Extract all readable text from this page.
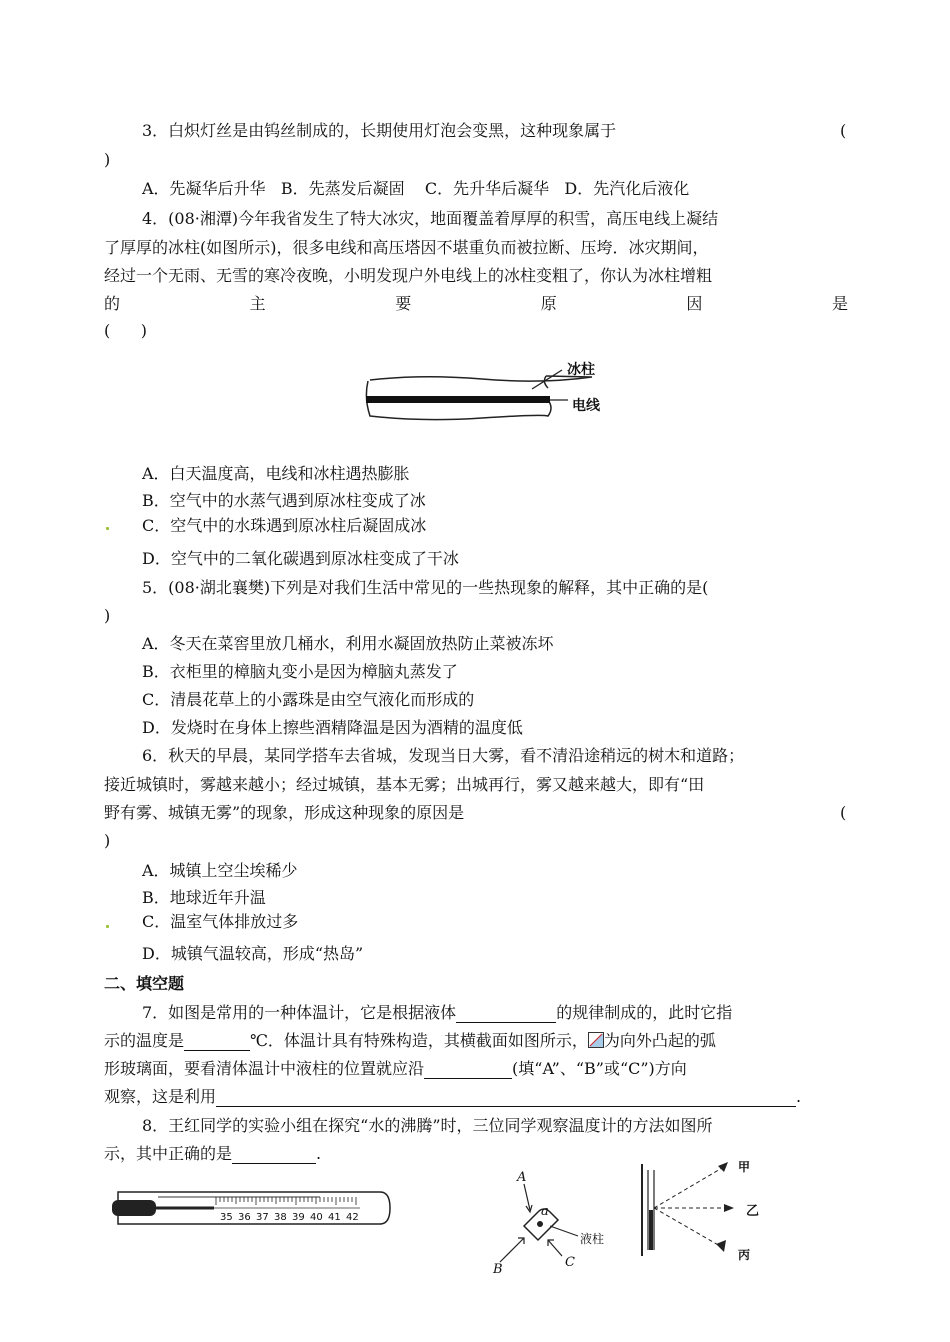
3．白炽灯丝是由钨丝制成的，长期使用灯泡会变黑，这种现象属于	(
)
A．先凝华后升华   B．先蒸发后凝固    C．先升华后凝华   D．先汽化后液化
4．(08·湘潭)今年我省发生了特大冰灾，地面覆盖着厚厚的积雪，高压电线上凝结
了厚厚的冰柱(如图所示)，很多电线和高压塔因不堪重负而被拉断、压垮．冰灾期间，
经过一个无雨、无雪的寒冷夜晚，小明发现户外电线上的冰柱变粗了，你认为冰柱增粗
的	主	要	原	因	是
(      )
冰柱
电线
A．白天温度高，电线和冰柱遇热膨胀
B．空气中的水蒸气遇到原冰柱变成了冰
C．空气中的水珠遇到原冰柱后凝固成冰
D．空气中的二氧化碳遇到原冰柱变成了干冰
5．(08·湖北襄樊)下列是对我们生活中常见的一些热现象的解释，其中正确的是(
)
A．冬天在菜窖里放几桶水，利用水凝固放热防止菜被冻坏
B．衣柜里的樟脑丸变小是因为樟脑丸蒸发了
C．清晨花草上的小露珠是由空气液化而形成的
D．发烧时在身体上擦些酒精降温是因为酒精的温度低
6．秋天的早晨，某同学搭车去省城，发现当日大雾，看不清沿途稍远的树木和道路；
接近城镇时，雾越来越小；经过城镇，基本无雾；出城再行，雾又越来越大，即有“田
野有雾、城镇无雾”的现象，形成这种现象的原因是	(
)
A．城镇上空尘埃稀少
B．地球近年升温
C．温室气体排放过多
D．城镇气温较高，形成“热岛”
二、填空题
7．如图是常用的一种体温计，它是根据液体	的规律制成的，此时它指
示的温度是	℃．体温计具有特殊构造，其横截面如图所示， 为向外凸起的弧
形玻璃面，要看清体温计中液柱的位置就应沿	(填“A”、“B”或“C”)方向
观察，这是利用	.
8．王红同学的实验小组在探究“水的沸腾”时，三位同学观察温度计的方法如图所
示，其中正确的是	.
35 36 37 38 39 40 41 42
A
a
B	C
液柱
甲
乙
丙
